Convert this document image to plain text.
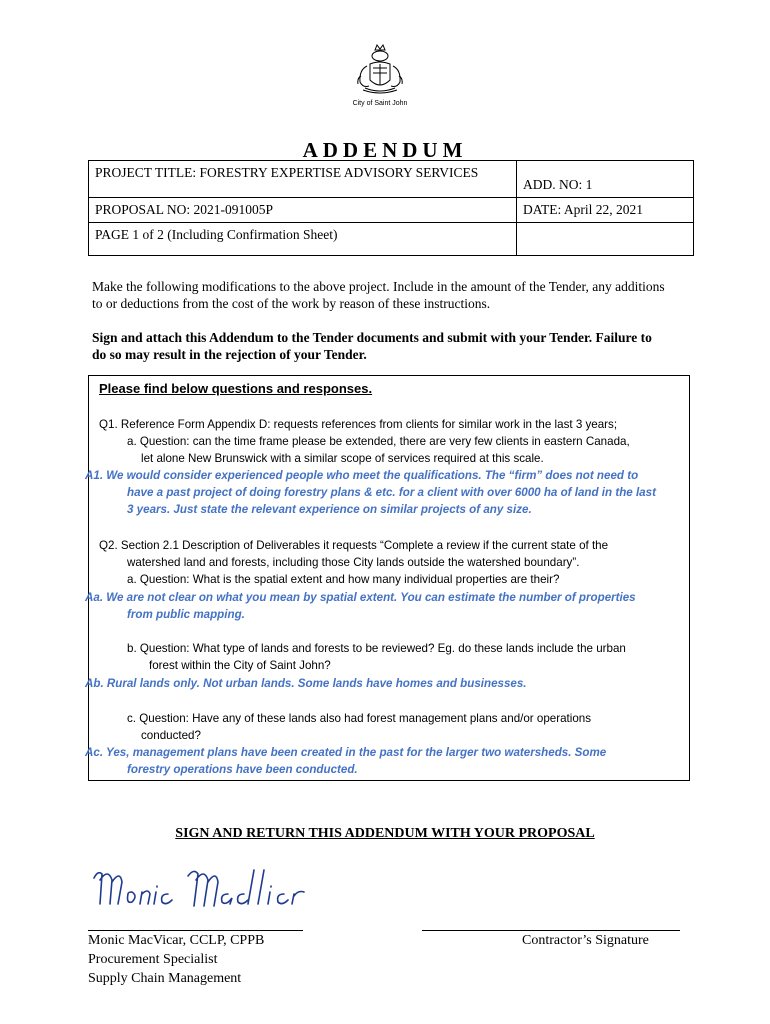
City of Saint John
ADDENDUM
PROJECT TITLE: FORESTRY EXPERTISE ADVISORY SERVICES	ADD. NO: 1
PROPOSAL NO: 2021-091005P	DATE: April 22, 2021
PAGE 1 of 2 (Including Confirmation Sheet)	
Make the following modifications to the above project. Include in the amount of the Tender, any additions
to or deductions from the cost of the work by reason of these instructions.
Sign and attach this Addendum to the Tender documents and submit with your Tender. Failure to
do so may result in the rejection of your Tender.
Please find below questions and responses.
Q1. Reference Form Appendix D: requests references from clients for similar work in the last 3 years;
a. Question: can the time frame please be extended, there are very few clients in eastern Canada,
let alone New Brunswick with a similar scope of services required at this scale.
A1. We would consider experienced people who meet the qualifications. The “firm” does not need to
have a past project of doing forestry plans & etc. for a client with over 6000 ha of land in the last
3 years. Just state the relevant experience on similar projects of any size.
Q2. Section 2.1 Description of Deliverables it requests “Complete a review if the current state of the
watershed land and forests, including those City lands outside the watershed boundary”.
a. Question: What is the spatial extent and how many individual properties are their?
Aa. We are not clear on what you mean by spatial extent. You can estimate the number of properties
from public mapping.
b. Question: What type of lands and forests to be reviewed? Eg. do these lands include the urban
forest within the City of Saint John?
Ab. Rural lands only. Not urban lands. Some lands have homes and businesses.
c. Question: Have any of these lands also had forest management plans and/or operations
conducted?
Ac. Yes, management plans have been created in the past for the larger two watersheds. Some
forestry operations have been conducted.
SIGN AND RETURN THIS ADDENDUM WITH YOUR PROPOSAL
Monic MacVicar, CCLP, CPPB
Procurement Specialist
Supply Chain Management
Contractor’s Signature
